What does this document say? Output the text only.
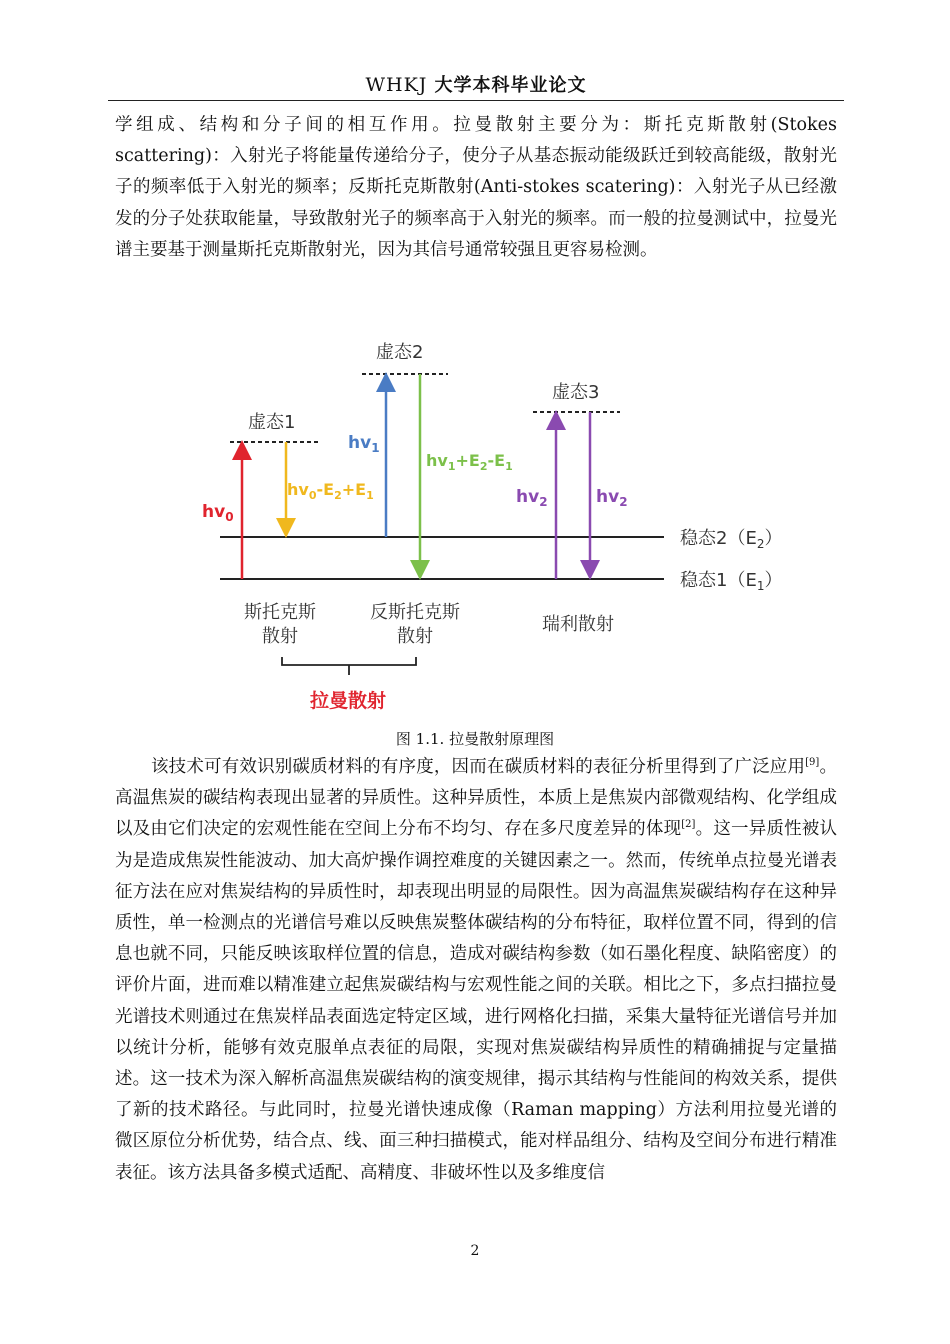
WHKJ 大学本科毕业论文

学组成、结构和分子间的相互作用。拉曼散射主要分为：斯托克斯散射(Stokes scattering)：入射光子将能量传递给分子，使分子从基态振动能级跃迁到较高能级，散射光子的频率低于入射光的频率；反斯托克斯散射(Anti-stokes scatering)：入射光子从已经激发的分子处获取能量，导致散射光子的频率高于入射光的频率。而一般的拉曼测试中，拉曼光谱主要基于测量斯托克斯散射光，因为其信号通常较强且更容易检测。

虚态1
虚态2
虚态3
$hv_0$
$hv_0-E_2+E_1$
$hv_1$
$hv_1+E_2-E_1$
$hv_2$	$hv_2$
稳态$2(E_2)$
稳态$1(E_1)$
斯托克斯
散射
反斯托克斯
散射
瑞利散射
拉曼散射
图 1.1. 拉曼散射原理图

该技术可有效识别碳质材料的有序度，因而在碳质材料的表征分析里得到了广泛应用[9]。高温焦炭的碳结构表现出显著的异质性。这种异质性，本质上是焦炭内部微观结构、化学组成以及由它们决定的宏观性能在空间上分布不均匀、存在多尺度差异的体现[2]。这一异质性被认为是造成焦炭性能波动、加大高炉操作调控难度的关键因素之一。然而，传统单点拉曼光谱表征方法在应对焦炭结构的异质性时，却表现出明显的局限性。因为高温焦炭碳结构存在这种异质性，单一检测点的光谱信号难以反映焦炭整体碳结构的分布特征，取样位置不同，得到的信息也就不同，只能反映该取样位置的信息，造成对碳结构参数（如石墨化程度、缺陷密度）的评价片面，进而难以精准建立起焦炭碳结构与宏观性能之间的关联。相比之下，多点扫描拉曼光谱技术则通过在焦炭样品表面选定特定区域，进行网格化扫描，采集大量特征光谱信号并加以统计分析，能够有效克服单点表征的局限，实现对焦炭碳结构异质性的精确捕捉与定量描述。这一技术为深入解析高温焦炭碳结构的演变规律，揭示其结构与性能间的构效关系，提供了新的技术路径。与此同时，拉曼光谱快速成像（Raman mapping）方法利用拉曼光谱的微区原位分析优势，结合点、线、面三种扫描模式，能对样品组分、结构及空间分布进行精准表征。该方法具备多模式适配、高精度、非破坏性以及多维度信

2
